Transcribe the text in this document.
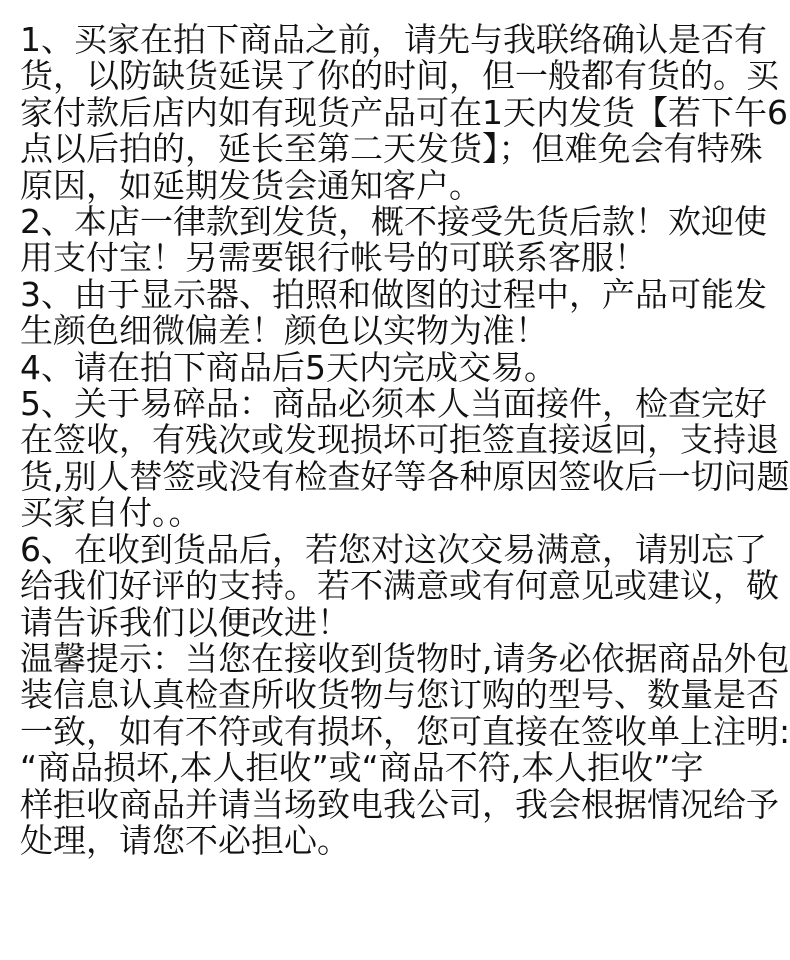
1、买家在拍下商品之前，请先与我联络确认是否有
货，以防缺货延误了你的时间，但一般都有货的。买
家付款后店内如有现货产品可在1天内发货【若下午6
点以后拍的，延长至第二天发货】；但难免会有特殊
原因，如延期发货会通知客户。
2、本店一律款到发货，概不接受先货后款！欢迎使
用支付宝！另需要银行帐号的可联系客服！
3、由于显示器、拍照和做图的过程中，产品可能发
生颜色细微偏差！颜色以实物为准！
4、请在拍下商品后5天内完成交易。
5、关于易碎品：商品必须本人当面接件，检查完好
在签收，有残次或发现损坏可拒签直接返回，支持退
货,别人替签或没有检查好等各种原因签收后一切问题
买家自付。。
6、在收到货品后，若您对这次交易满意，请别忘了
给我们好评的支持。若不满意或有何意见或建议，敬
请告诉我们以便改进！
温馨提示：当您在接收到货物时,请务必依据商品外包
装信息认真检查所收货物与您订购的型号、数量是否
一致，如有不符或有损坏，您可直接在签收单上注明:
“商品损坏,本人拒收”或“商品不符,本人拒收”字
样拒收商品并请当场致电我公司，我会根据情况给予
处理，请您不必担心。
